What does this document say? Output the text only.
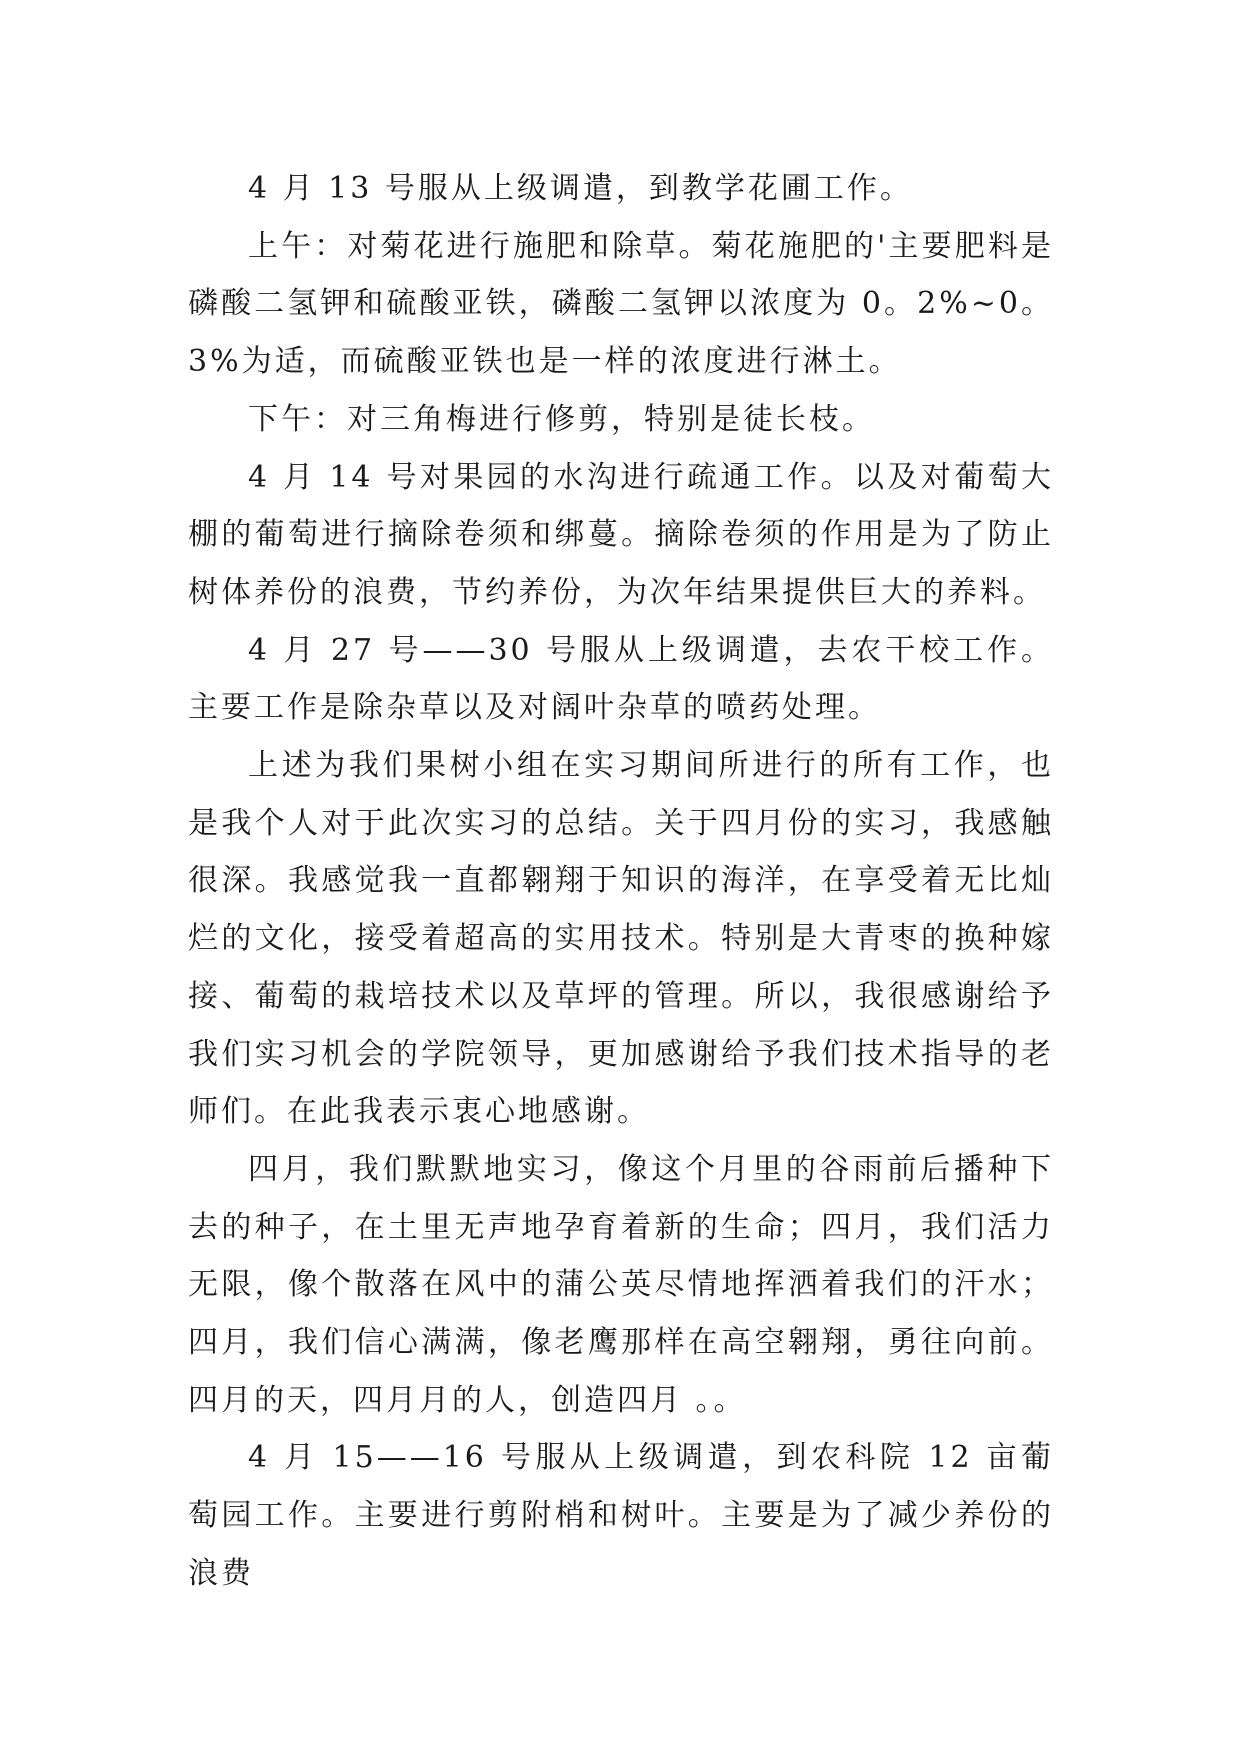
4 月 13 号服从上级调遣，到教学花圃工作。

上午：对菊花进行施肥和除草。菊花施肥的'主要肥料是磷酸二氢钾和硫酸亚铁，磷酸二氢钾以浓度为 0。2%~0。3%为适，而硫酸亚铁也是一样的浓度进行淋土。

下午：对三角梅进行修剪，特别是徒长枝。

4 月 14 号对果园的水沟进行疏通工作。以及对葡萄大棚的葡萄进行摘除卷须和绑蔓。摘除卷须的作用是为了防止树体养份的浪费，节约养份，为次年结果提供巨大的养料。

4 月 27 号——30 号服从上级调遣，去农干校工作。主要工作是除杂草以及对阔叶杂草的喷药处理。

上述为我们果树小组在实习期间所进行的所有工作，也是我个人对于此次实习的总结。关于四月份的实习，我感触很深。我感觉我一直都翱翔于知识的海洋，在享受着无比灿烂的文化，接受着超高的实用技术。特别是大青枣的换种嫁接、葡萄的栽培技术以及草坪的管理。所以，我很感谢给予我们实习机会的学院领导，更加感谢给予我们技术指导的老师们。在此我表示衷心地感谢。

四月，我们默默地实习，像这个月里的谷雨前后播种下去的种子，在土里无声地孕育着新的生命；四月，我们活力无限，像个散落在风中的蒲公英尽情地挥洒着我们的汗水；四月，我们信心满满，像老鹰那样在高空翱翔，勇往向前。四月的天，四月月的人，创造四月 。。

4 月 15——16 号服从上级调遣，到农科院 12 亩葡萄园工作。主要进行剪附梢和树叶。主要是为了减少养份的浪费
